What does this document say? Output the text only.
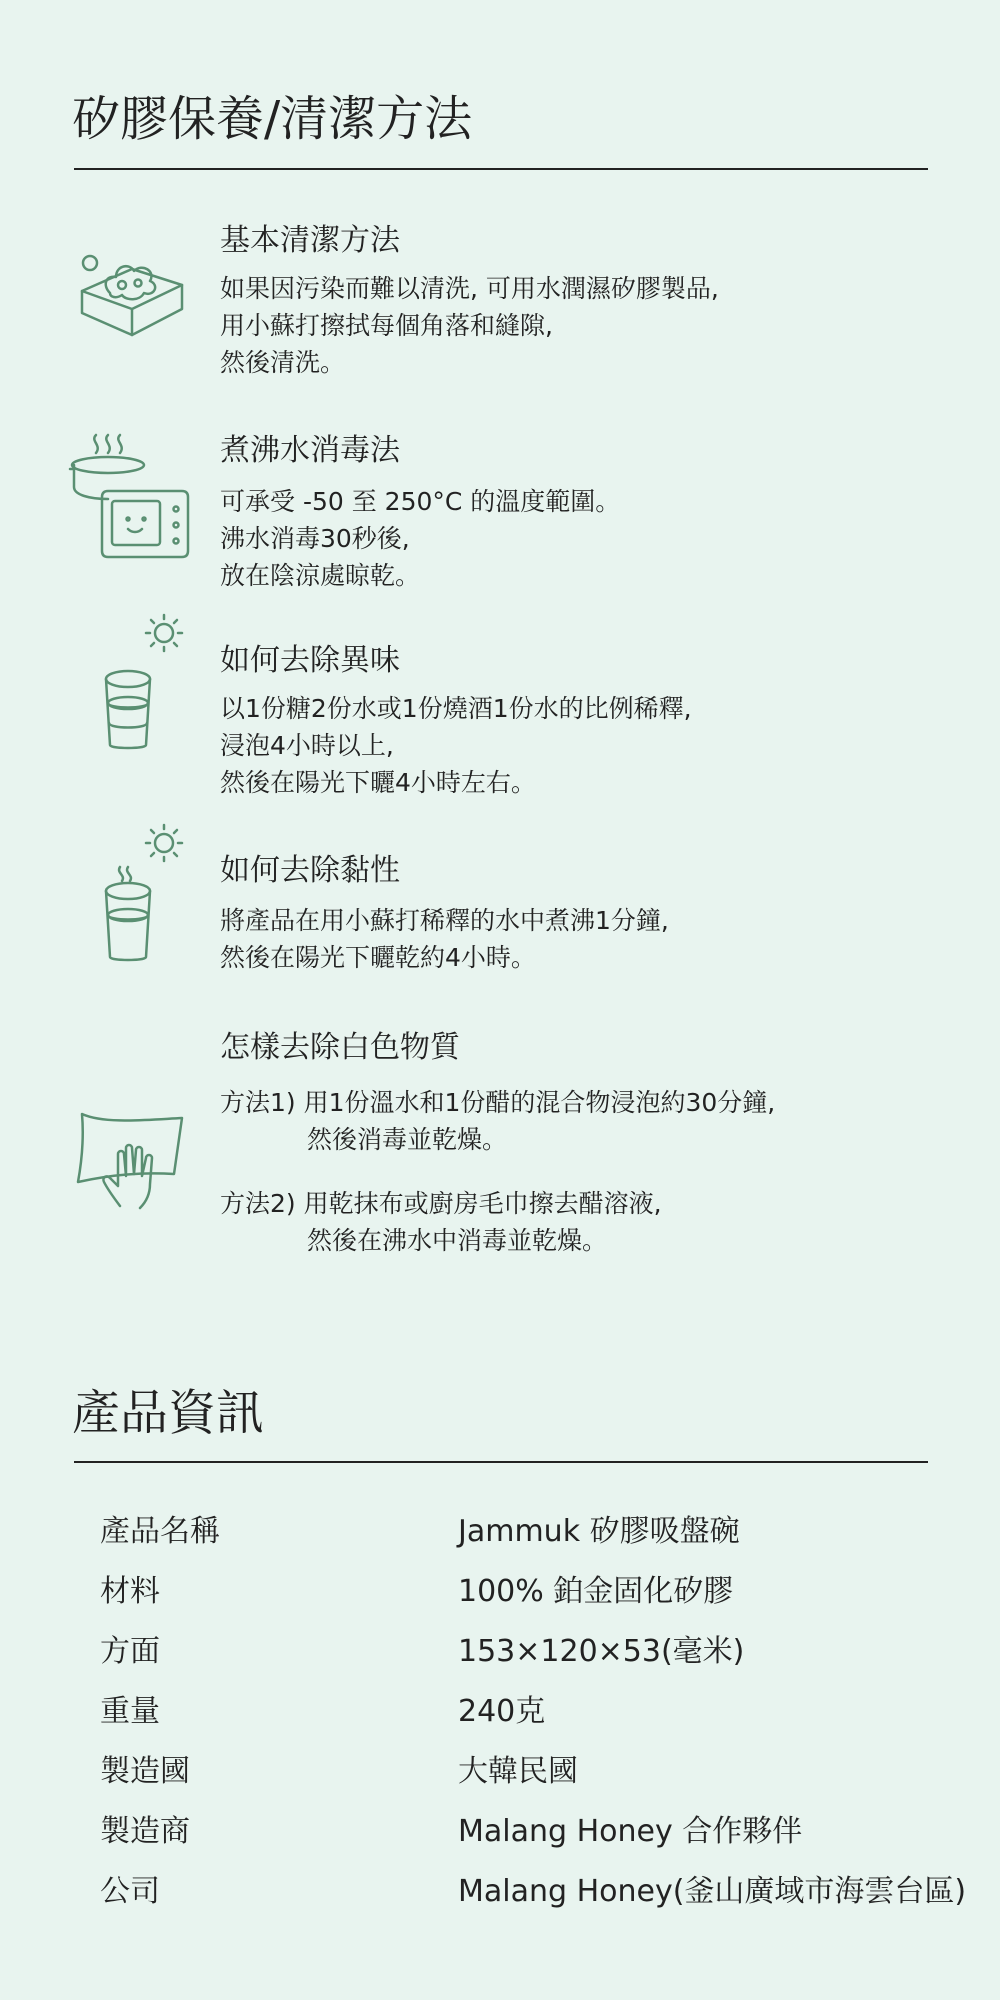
矽膠保養/清潔方法
基本清潔方法
如果因污染而難以清洗, 可用水潤濕矽膠製品,
用小蘇打擦拭每個角落和縫隙,
然後清洗。
煮沸水消毒法
可承受 -50 至 250°C 的溫度範圍。
沸水消毒30秒後,
放在陰涼處晾乾。
如何去除異味
以1份糖2份水或1份燒酒1份水的比例稀釋,
浸泡4小時以上,
然後在陽光下曬4小時左右。
如何去除黏性
將產品在用小蘇打稀釋的水中煮沸1分鐘,
然後在陽光下曬乾約4小時。
怎樣去除白色物質
方法1) 用1份溫水和1份醋的混合物浸泡約30分鐘,
然後消毒並乾燥。
方法2) 用乾抹布或廚房毛巾擦去醋溶液,
然後在沸水中消毒並乾燥。
產品資訊
產品名稱	Jammuk 矽膠吸盤碗
材料	100% 鉑金固化矽膠
方面	153×120×53(毫米)
重量	240克
製造國	大韓民國
製造商	Malang Honey 合作夥伴
公司	Malang Honey(釜山廣域市海雲台區)
